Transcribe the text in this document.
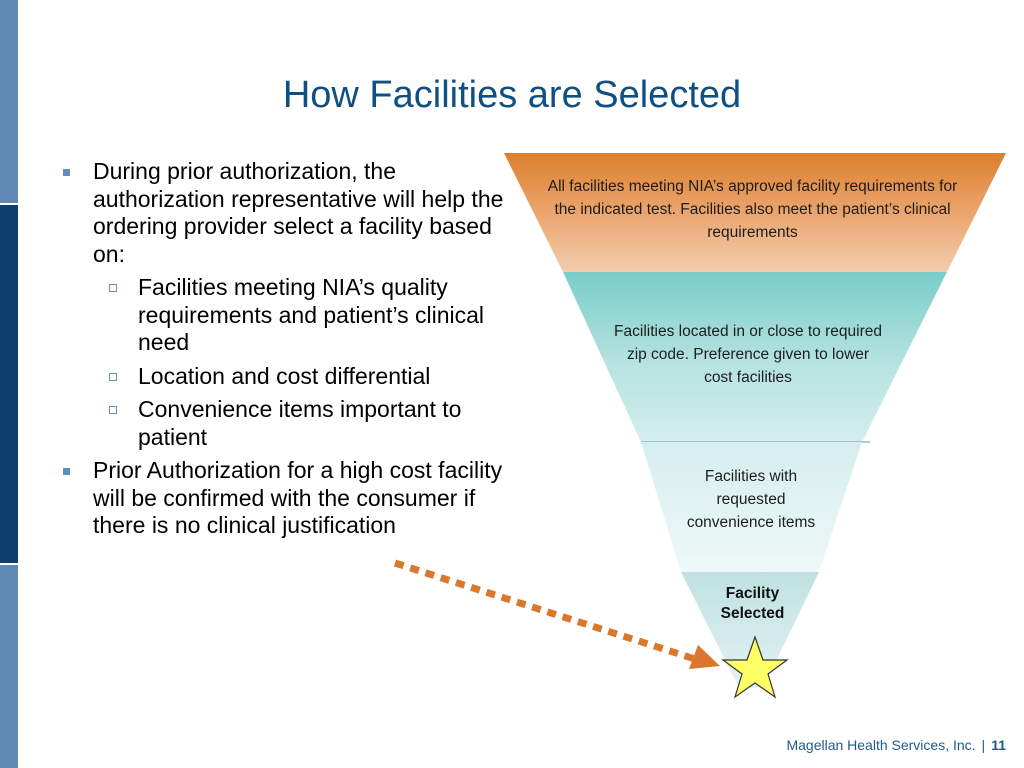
How Facilities are Selected
During prior authorization, the authorization representative will help the ordering provider select a facility based on:
Facilities meeting NIA’s quality requirements and patient’s clinical need
Location and cost differential
Convenience items important to patient
Prior Authorization for a high cost facility will be confirmed with the consumer if there is no clinical justification
All facilities meeting NIA’s approved facility requirements for the indicated test. Facilities also meet the patient’s clinical requirements
Facilities located in or close to required zip code. Preference given to lower cost facilities
Facilities with requested convenience items
Facility Selected
Magellan Health Services, Inc. | 11
